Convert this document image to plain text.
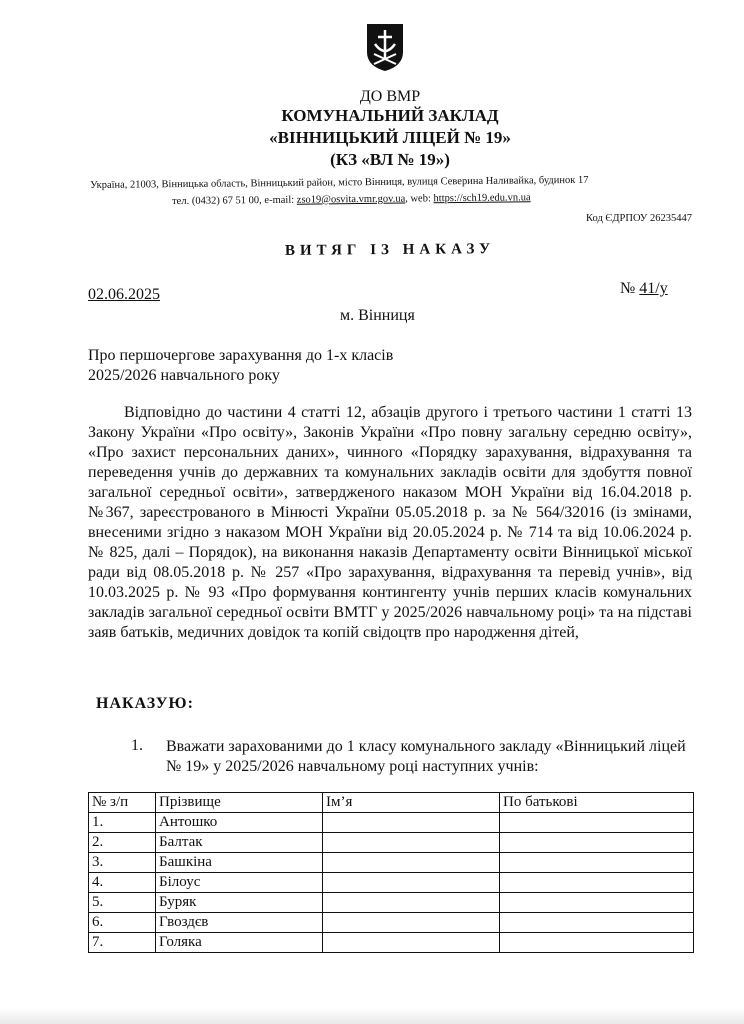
ДО ВМР
КОМУНАЛЬНИЙ ЗАКЛАД
«ВІННИЦЬКИЙ ЛІЦЕЙ № 19»
(КЗ «ВЛ № 19»)
Україна, 21003, Вінницька область, Вінницький район, місто Вінниця, вулиця Северина Наливайка, будинок 17
тел. (0432) 67 51 00, e-mail: zso19@osvita.vmr.gov.ua, web: https://sch19.edu.vn.ua
Код ЄДРПОУ 26235447
ВИТЯГ ІЗ НАКАЗУ
02.06.2025	№ 41/у
м. Вінниця
Про першочергове зарахування до 1-х класів
2025/2026 навчального року
Відповідно до частини 4 статті 12, абзаців другого і третього частини 1 статті 13 Закону України «Про освіту», Законів України «Про повну загальну середню освіту», «Про захист персональних даних», чинного «Порядку зарахування, відрахування та переведення учнів до державних та комунальних закладів освіти для здобуття повної загальної середньої освіти», затвердженого наказом МОН України від 16.04.2018 р. №367, зареєстрованого в Мінюсті України 05.05.2018 р. за № 564/32016 (із змінами, внесеними згідно з наказом МОН України від 20.05.2024 р. № 714 та від 10.06.2024 р. № 825, далі – Порядок), на виконання наказів Департаменту освіти Вінницької міської ради від 08.05.2018 р. № 257 «Про зарахування, відрахування та перевід учнів», від 10.03.2025 р. № 93 «Про формування контингенту учнів перших класів комунальних закладів загальної середньої освіти ВМТГ у 2025/2026 навчальному році» та на підставі заяв батьків, медичних довідок та копій свідоцтв про народження дітей,
НАКАЗУЮ:
1. Вважати зарахованими до 1 класу комунального закладу «Вінницький ліцей № 19» у 2025/2026 навчальному році наступних учнів:
№ з/п	Прізвище	Ім’я	По батькові
1.	Антошко		
2.	Балтак		
3.	Башкіна		
4.	Білоус		
5.	Буряк		
6.	Гвоздєв		
7.	Голяка		
